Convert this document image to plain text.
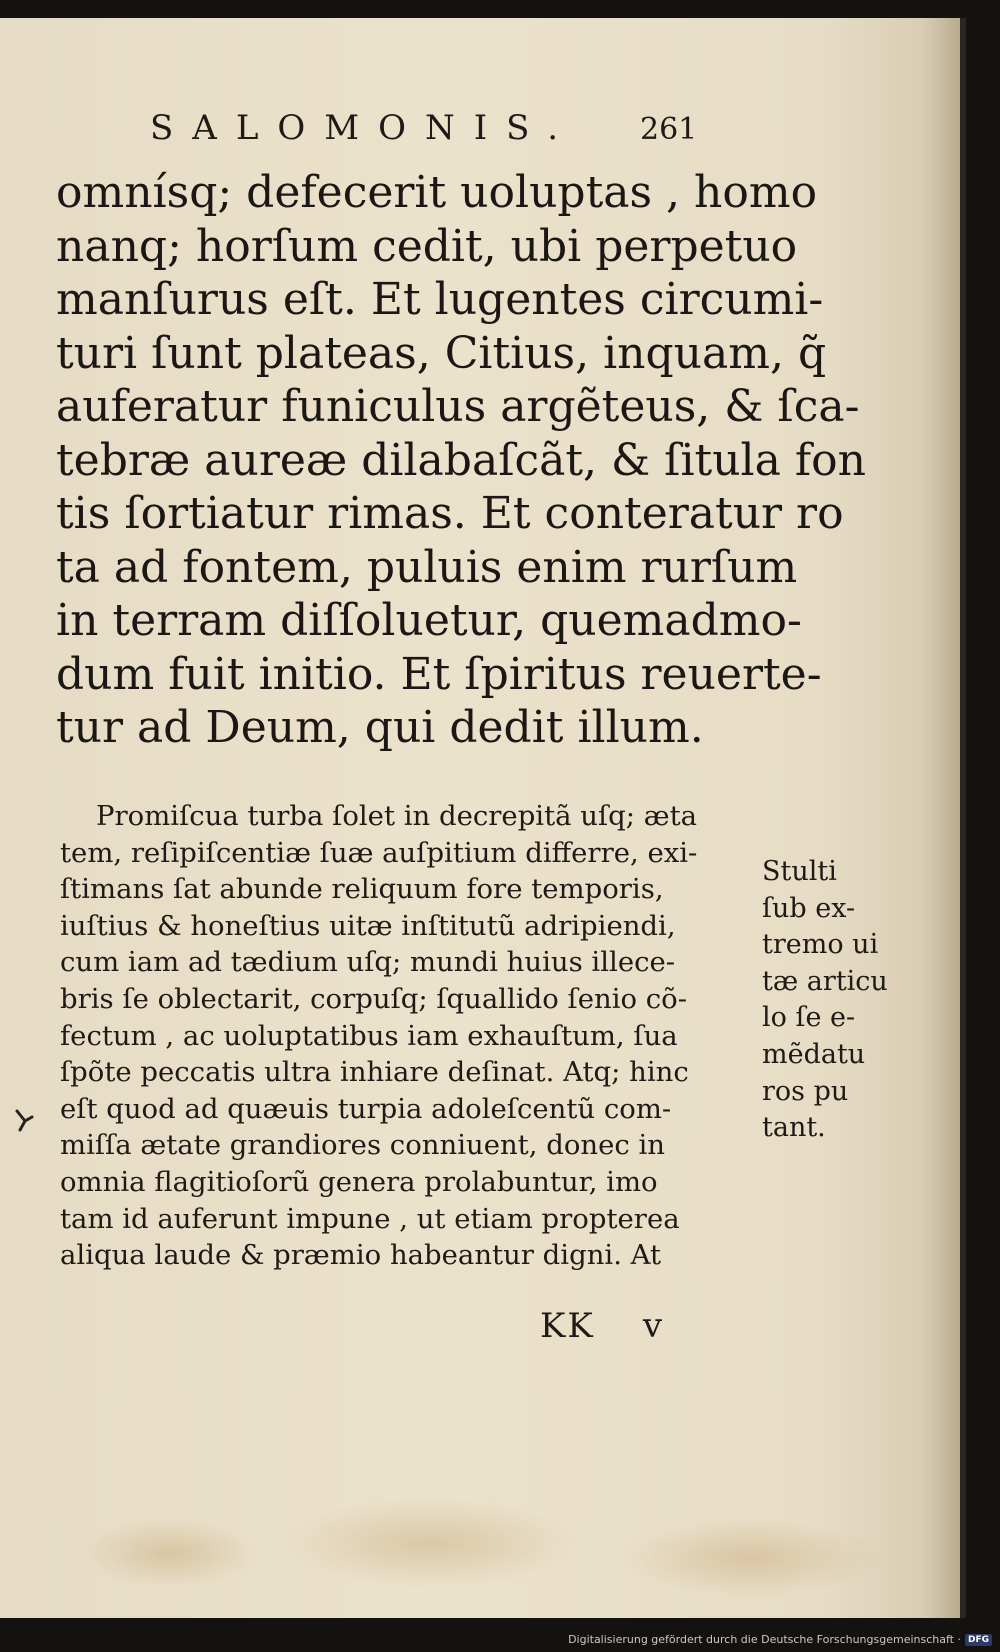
SALOMONIS. 261
omnísq; defecerit uoluptas , homo
nanq; horſum cedit, ubi perpetuo
manſurus eſt. Et lugentes circumi-
turi ſunt plateas, Citius, inquam, q̃
auferatur funiculus argẽteus, & ſca-
tebræ aureæ dilabaſcãt, & ſitula fon
tis ſortiatur rimas. Et conteratur ro
ta ad fontem, puluis enim rurſum
in terram diſſoluetur, quemadmo-
dum fuit initio. Et ſpiritus reuerte-
tur ad Deum, qui dedit illum.
Promiſcua turba ſolet in decrepitã uſq; æta
tem, reſipiſcentiæ ſuæ auſpitium differre, exi-
ſtimans ſat abunde reliquum fore temporis,
iuſtius & honeſtius uitæ inſtitutũ adripiendi,
cum iam ad tædium uſq; mundi huius illece-
bris ſe oblectarit, corpuſq; ſquallido ſenio cõ-
fectum , ac uoluptatibus iam exhauſtum, ſua
ſpõte peccatis ultra inhiare deſinat. Atq; hinc
eſt quod ad quæuis turpia adoleſcentũ com-
miſſa ætate grandiores conniuent, donec in
omnia flagitioſorũ genera prolabuntur, imo
tam id auferunt impune , ut etiam propterea
aliqua laude & præmio habeantur digni. At
Stulti
ſub ex-
tremo ui
tæ articu
lo ſe e-
mẽdatu
ros pu
tant.
KK v
Digitalisierung gefördert durch die Deutsche Forschungsgemeinschaft · DFG
